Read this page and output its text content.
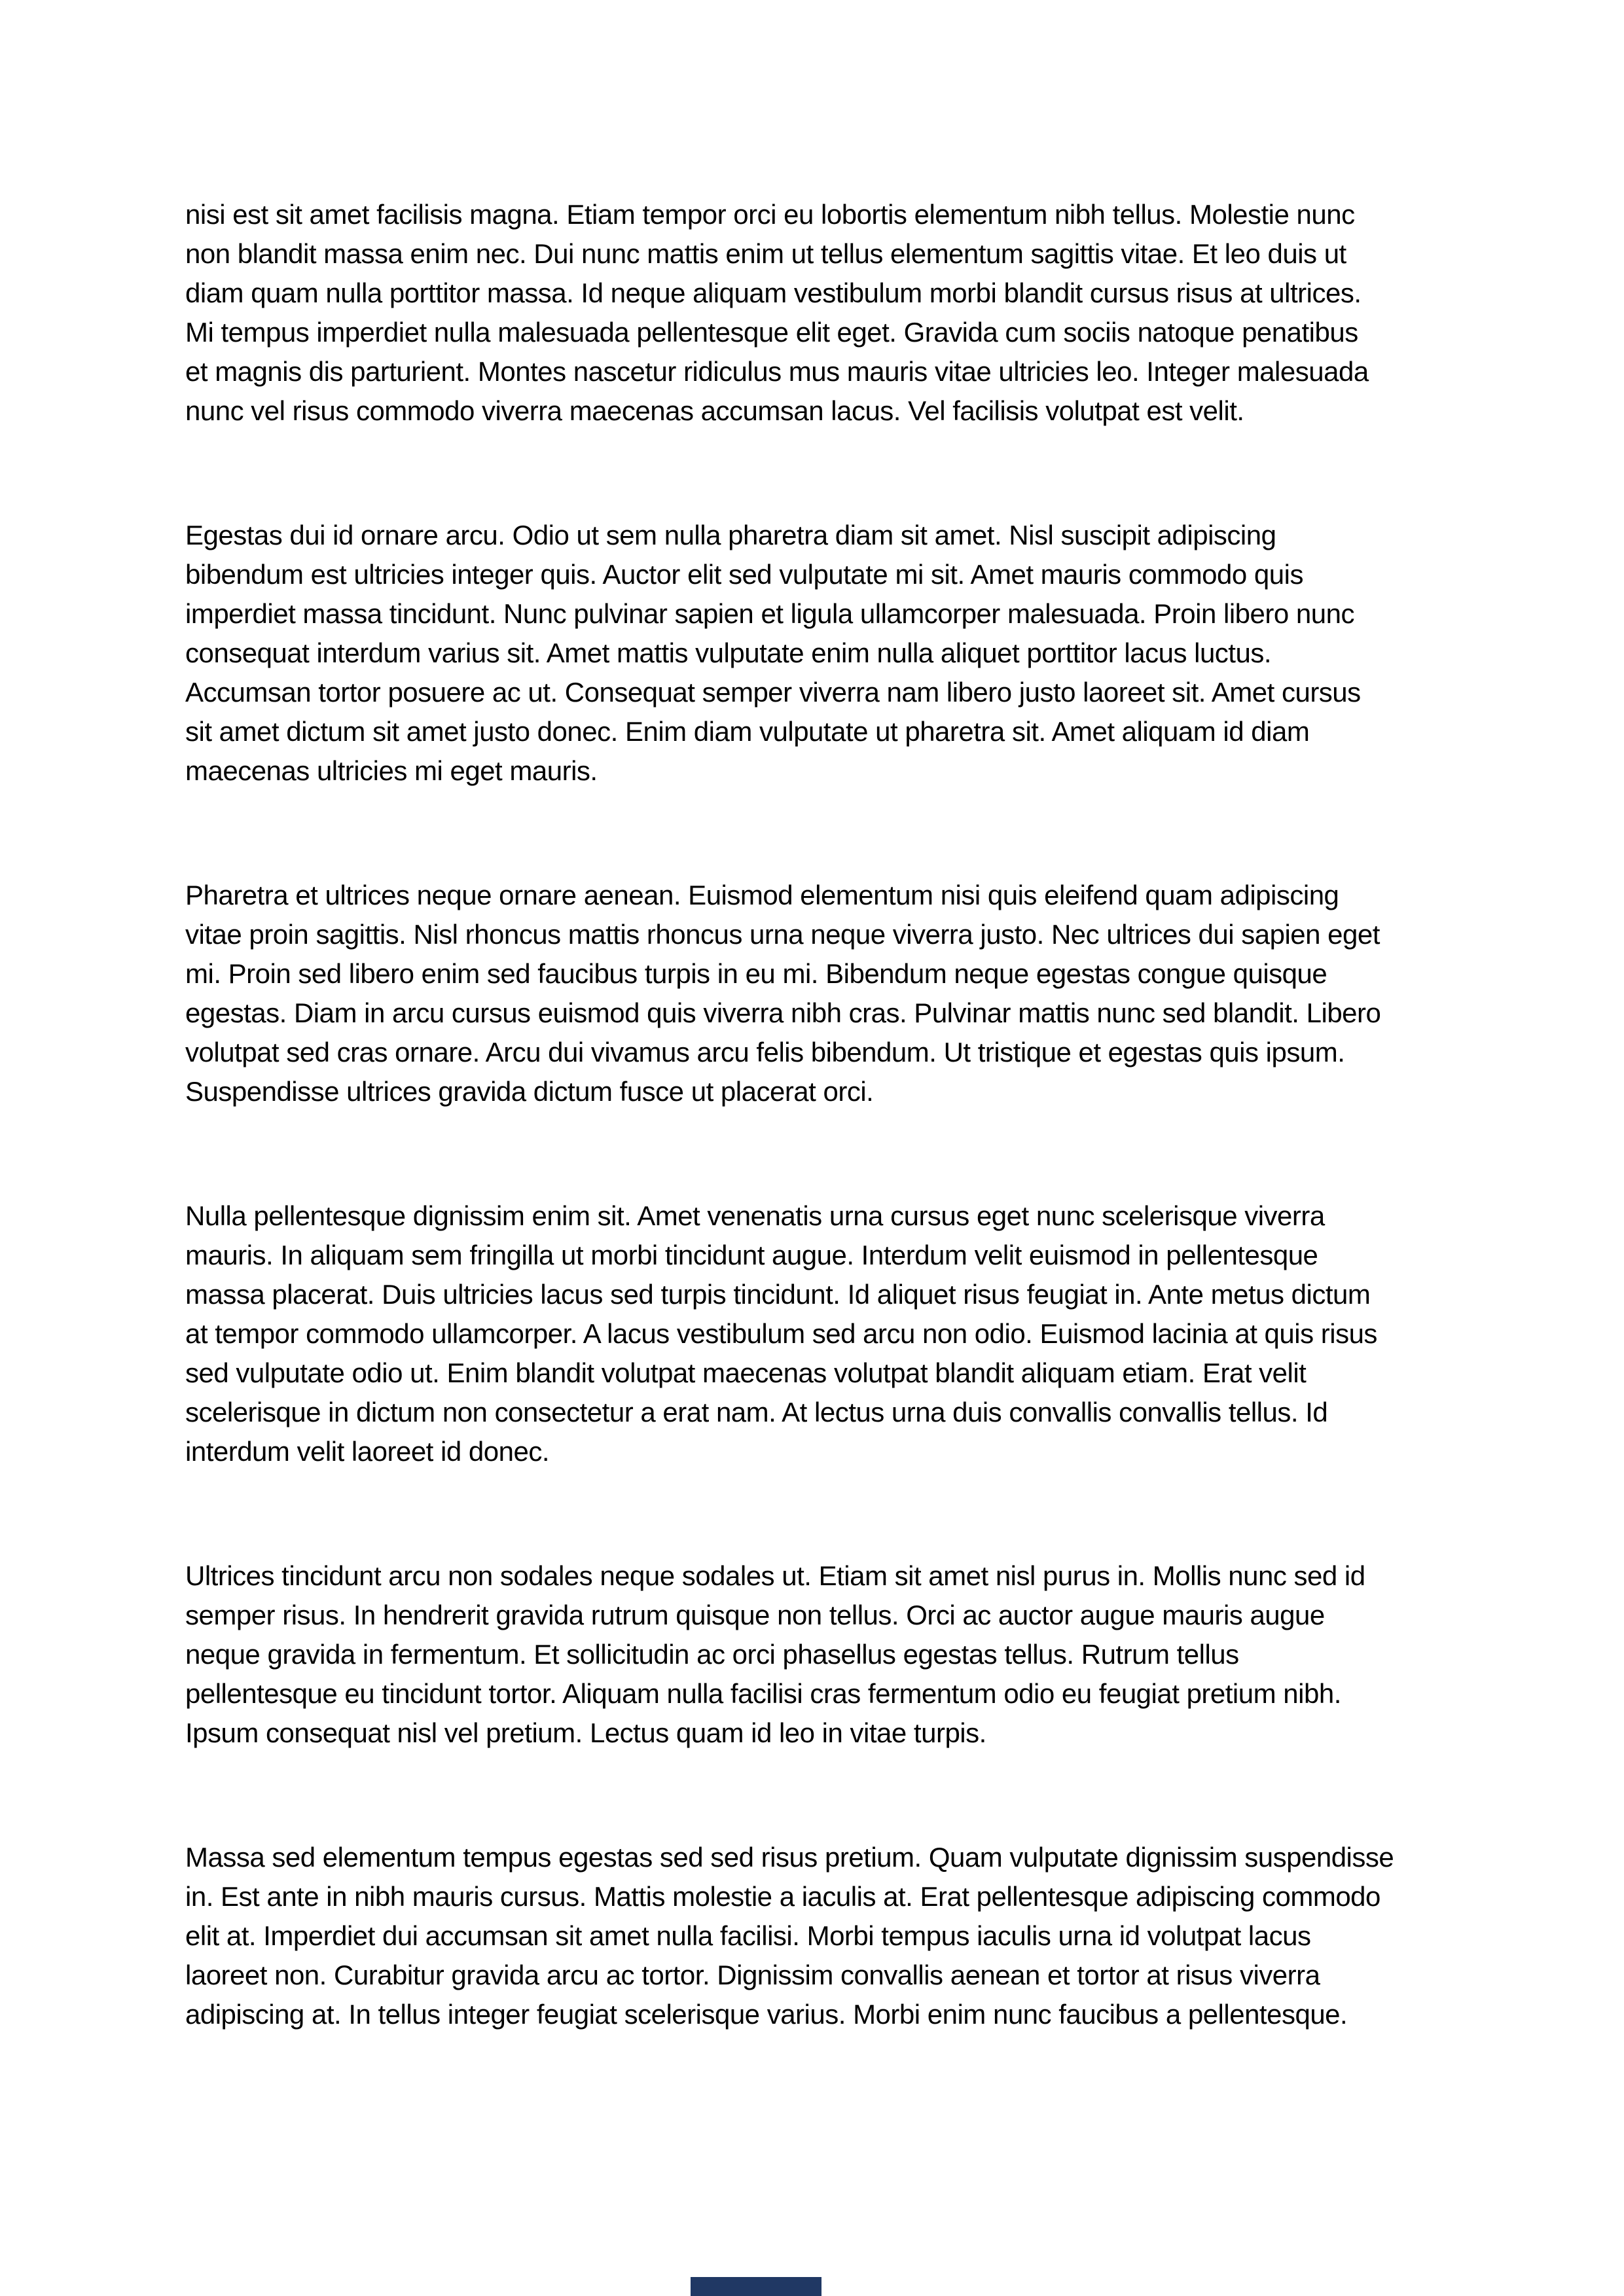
nisi est sit amet facilisis magna. Etiam tempor orci eu lobortis elementum nibh tellus. Molestie nunc
non blandit massa enim nec. Dui nunc mattis enim ut tellus elementum sagittis vitae. Et leo duis ut
diam quam nulla porttitor massa. Id neque aliquam vestibulum morbi blandit cursus risus at ultrices.
Mi tempus imperdiet nulla malesuada pellentesque elit eget. Gravida cum sociis natoque penatibus
et magnis dis parturient. Montes nascetur ridiculus mus mauris vitae ultricies leo. Integer malesuada
nunc vel risus commodo viverra maecenas accumsan lacus. Vel facilisis volutpat est velit.
Egestas dui id ornare arcu. Odio ut sem nulla pharetra diam sit amet. Nisl suscipit adipiscing
bibendum est ultricies integer quis. Auctor elit sed vulputate mi sit. Amet mauris commodo quis
imperdiet massa tincidunt. Nunc pulvinar sapien et ligula ullamcorper malesuada. Proin libero nunc
consequat interdum varius sit. Amet mattis vulputate enim nulla aliquet porttitor lacus luctus.
Accumsan tortor posuere ac ut. Consequat semper viverra nam libero justo laoreet sit. Amet cursus
sit amet dictum sit amet justo donec. Enim diam vulputate ut pharetra sit. Amet aliquam id diam
maecenas ultricies mi eget mauris.
Pharetra et ultrices neque ornare aenean. Euismod elementum nisi quis eleifend quam adipiscing
vitae proin sagittis. Nisl rhoncus mattis rhoncus urna neque viverra justo. Nec ultrices dui sapien eget
mi. Proin sed libero enim sed faucibus turpis in eu mi. Bibendum neque egestas congue quisque
egestas. Diam in arcu cursus euismod quis viverra nibh cras. Pulvinar mattis nunc sed blandit. Libero
volutpat sed cras ornare. Arcu dui vivamus arcu felis bibendum. Ut tristique et egestas quis ipsum.
Suspendisse ultrices gravida dictum fusce ut placerat orci.
Nulla pellentesque dignissim enim sit. Amet venenatis urna cursus eget nunc scelerisque viverra
mauris. In aliquam sem fringilla ut morbi tincidunt augue. Interdum velit euismod in pellentesque
massa placerat. Duis ultricies lacus sed turpis tincidunt. Id aliquet risus feugiat in. Ante metus dictum
at tempor commodo ullamcorper. A lacus vestibulum sed arcu non odio. Euismod lacinia at quis risus
sed vulputate odio ut. Enim blandit volutpat maecenas volutpat blandit aliquam etiam. Erat velit
scelerisque in dictum non consectetur a erat nam. At lectus urna duis convallis convallis tellus. Id
interdum velit laoreet id donec.
Ultrices tincidunt arcu non sodales neque sodales ut. Etiam sit amet nisl purus in. Mollis nunc sed id
semper risus. In hendrerit gravida rutrum quisque non tellus. Orci ac auctor augue mauris augue
neque gravida in fermentum. Et sollicitudin ac orci phasellus egestas tellus. Rutrum tellus
pellentesque eu tincidunt tortor. Aliquam nulla facilisi cras fermentum odio eu feugiat pretium nibh.
Ipsum consequat nisl vel pretium. Lectus quam id leo in vitae turpis.
Massa sed elementum tempus egestas sed sed risus pretium. Quam vulputate dignissim suspendisse
in. Est ante in nibh mauris cursus. Mattis molestie a iaculis at. Erat pellentesque adipiscing commodo
elit at. Imperdiet dui accumsan sit amet nulla facilisi. Morbi tempus iaculis urna id volutpat lacus
laoreet non. Curabitur gravida arcu ac tortor. Dignissim convallis aenean et tortor at risus viverra
adipiscing at. In tellus integer feugiat scelerisque varius. Morbi enim nunc faucibus a pellentesque.
